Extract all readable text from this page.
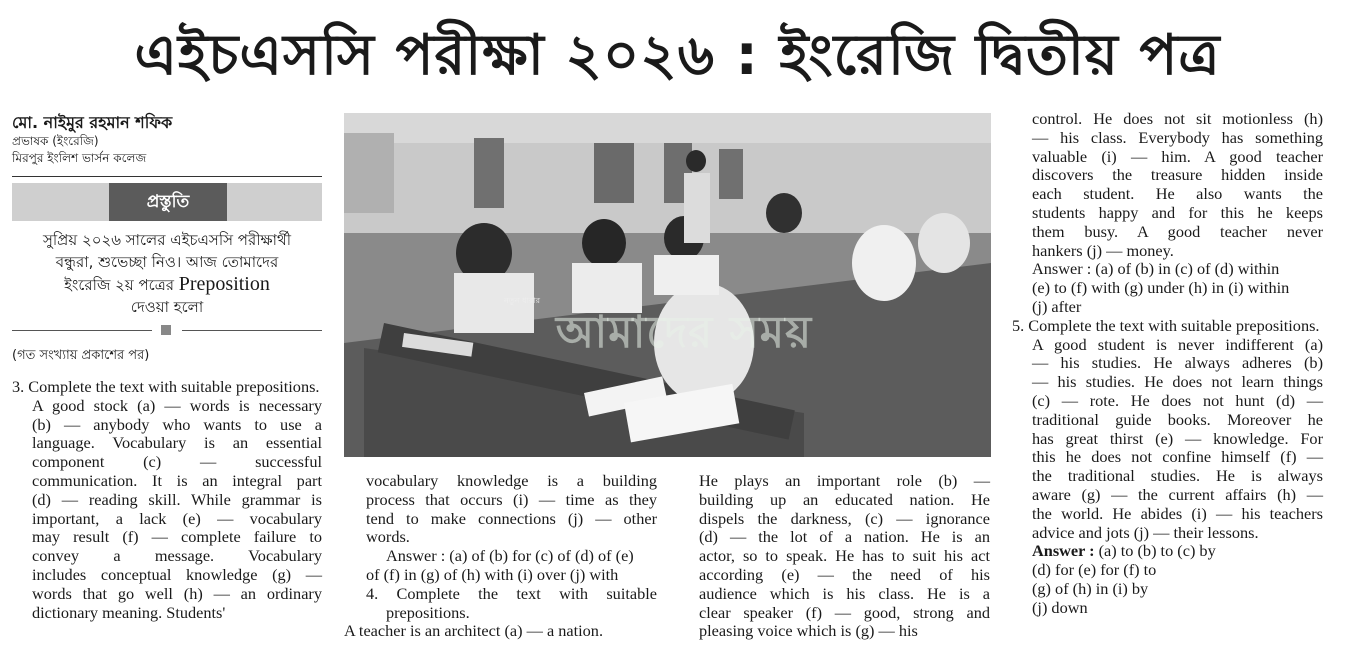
এইচএসসি পরীক্ষা ২০২৬ : ইংরেজি দ্বিতীয় পত্র
মো. নাইমুর রহমান শফিক
প্রভাষক (ইংরেজি)
মিরপুর ইংলিশ ভার্সন কলেজ
প্রস্তুতি
সুপ্রিয় ২০২৬ সালের এইচএসসি পরীক্ষার্থী
বন্ধুরা, শুভেচ্ছা নিও। আজ তোমাদের
ইংরেজি ২য় পত্রের Preposition
দেওয়া হলো
(গত সংখ্যায় প্রকাশের পর)

3. Complete the text with suitable prepositions.

A good stock (a) — words is necessary

(b) — anybody who wants to use a

language. Vocabulary is an essential

component (c) — successful

communication. It is an integral part

(d) — reading skill. While grammar is

important, a lack (e) — vocabulary

may result (f) — complete failure to

convey a message. Vocabulary

includes conceptual knowledge (g) —

words that go well (h) — an ordinary

dictionary meaning. Students'

নতুন ধারার
আমাদের সময়

vocabulary knowledge is a building

process that occurs (i) — time as they

tend to make connections (j) — other

words.

Answer : (a) of (b) for (c) of (d) of (e)

of (f) in (g) of (h) with (i) over (j) with

4. Complete the text with suitable prepositions.

A teacher is an architect (a) — a nation.

He plays an important role (b) —

building up an educated nation. He

dispels the darkness, (c) — ignorance

(d) — the lot of a nation. He is an

actor, so to speak. He has to suit his act

according (e) — the need of his

audience which is his class. He is a

clear speaker (f) — good, strong and

pleasing voice which is (g) — his

control. He does not sit motionless (h)

— his class. Everybody has something

valuable (i) — him. A good teacher

discovers the treasure hidden inside

each student. He also wants the

students happy and for this he keeps

them busy. A good teacher never

hankers (j) — money.

Answer : (a) of (b) in (c) of (d) within

(e) to (f) with (g) under (h) in (i) within

(j) after

5. Complete the text with suitable prepositions.

A good student is never indifferent (a)

— his studies. He always adheres (b)

— his studies. He does not learn things

(c) — rote. He does not hunt (d) —

traditional guide books. Moreover he

has great thirst (e) — knowledge. For

this he does not confine himself (f) —

the traditional studies. He is always

aware (g) — the current affairs (h) —

the world. He abides (i) — his teachers

advice and jots (j) — their lessons.

Answer : (a) to (b) to (c) by

(d) for (e) for (f) to

(g) of (h) in (i) by

(j) down
